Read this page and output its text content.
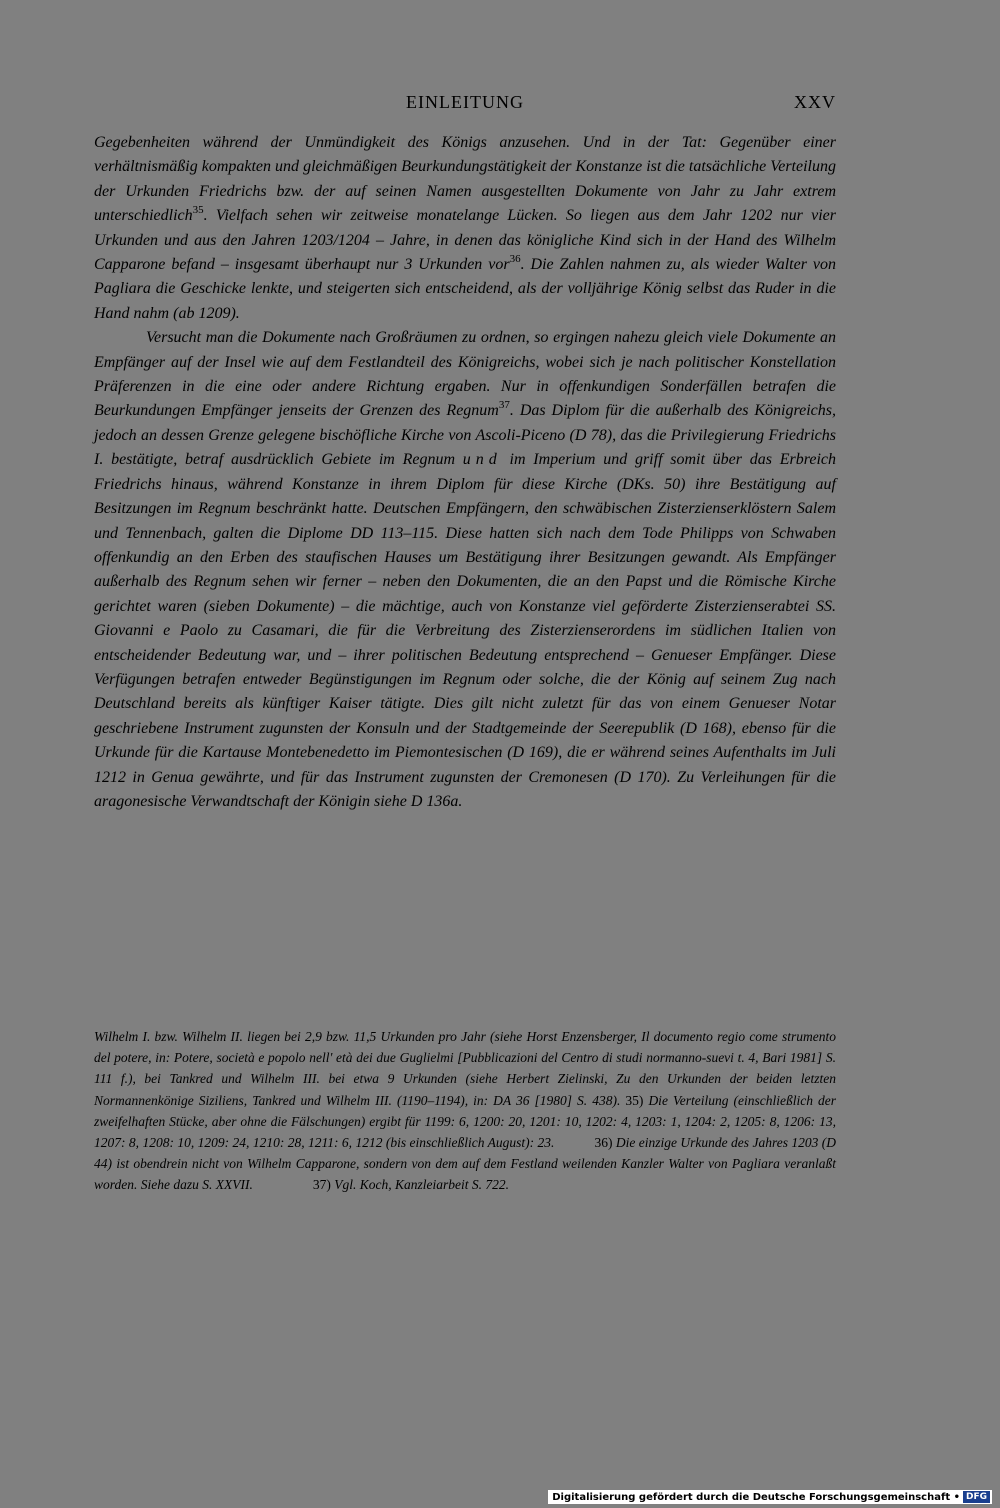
EINLEITUNG	XXV

Gegebenheiten während der Unmündigkeit des Königs anzusehen. Und in der Tat: Gegenüber einer verhältnismäßig kompakten und gleichmäßigen Beurkundungstätigkeit der Konstanze ist die tatsächliche Verteilung der Urkunden Friedrichs bzw. der auf seinen Namen ausgestellten Dokumente von Jahr zu Jahr extrem unterschiedlich$^{35}$. Vielfach sehen wir zeitweise monatelange Lücken. So liegen aus dem Jahr 1202 nur vier Urkunden und aus den Jahren 1203/1204 – Jahre, in denen das königliche Kind sich in der Hand des Wilhelm Capparone befand – insgesamt überhaupt nur 3 Urkunden vor$^{36}$. Die Zahlen nahmen zu, als wieder Walter von Pagliara die Geschicke lenkte, und steigerten sich entscheidend, als der volljährige König selbst das Ruder in die Hand nahm (ab 1209).

Versucht man die Dokumente nach Großräumen zu ordnen, so ergingen nahezu gleich viele Dokumente an Empfänger auf der Insel wie auf dem Festlandteil des Königreichs, wobei sich je nach politischer Konstellation Präferenzen in die eine oder andere Richtung ergaben. Nur in offenkundigen Sonderfällen betrafen die Beurkundungen Empfänger jenseits der Grenzen des Regnum$^{37}$. Das Diplom für die außerhalb des Königreichs, jedoch an dessen Grenze gelegene bischöfliche Kirche von Ascoli-Piceno (D 78), das die Privilegierung Friedrichs I. bestätigte, betraf ausdrücklich Gebiete im Regnum und im Imperium und griff somit über das Erbreich Friedrichs hinaus, während Konstanze in ihrem Diplom für diese Kirche (DKs. 50) ihre Bestätigung auf Besitzungen im Regnum beschränkt hatte. Deutschen Empfängern, den schwäbischen Zisterzienserklöstern Salem und Tennenbach, galten die Diplome DD 113–115. Diese hatten sich nach dem Tode Philipps von Schwaben offenkundig an den Erben des staufischen Hauses um Bestätigung ihrer Besitzungen gewandt. Als Empfänger außerhalb des Regnum sehen wir ferner – neben den Dokumenten, die an den Papst und die Römische Kirche gerichtet waren (sieben Dokumente) – die mächtige, auch von Konstanze viel geförderte Zisterzienserabtei SS. Giovanni e Paolo zu Casamari, die für die Verbreitung des Zisterzienserordens im südlichen Italien von entscheidender Bedeutung war, und – ihrer politischen Bedeutung entsprechend – Genueser Empfänger. Diese Verfügungen betrafen entweder Begünstigungen im Regnum oder solche, die der König auf seinem Zug nach Deutschland bereits als künftiger Kaiser tätigte. Dies gilt nicht zuletzt für das von einem Genueser Notar geschriebene Instrument zugunsten der Konsuln und der Stadtgemeinde der Seerepublik (D 168), ebenso für die Urkunde für die Kartause Montebenedetto im Piemontesischen (D 169), die er während seines Aufenthalts im Juli 1212 in Genua gewährte, und für das Instrument zugunsten der Cremonesen (D 170). Zu Verleihungen für die aragonesische Verwandtschaft der Königin siehe D 136a.

Wilhelm I. bzw. Wilhelm II. liegen bei 2,9 bzw. 11,5 Urkunden pro Jahr (siehe Horst Enzensberger, Il documento regio come strumento del potere, in: Potere, società e popolo nell' età dei due Guglielmi [Pubblicazioni del Centro di studi normanno-suevi t. 4, Bari 1981] S. 111 f.), bei Tankred und Wilhelm III. bei etwa 9 Urkunden (siehe Herbert Zielinski, Zu den Urkunden der beiden letzten Normannenkönige Siziliens, Tankred und Wilhelm III. (1190–1194), in: DA 36 [1980] S. 438). 35) Die Verteilung (einschließlich der zweifelhaften Stücke, aber ohne die Fälschungen) ergibt für 1199: 6, 1200: 20, 1201: 10, 1202: 4, 1203: 1, 1204: 2, 1205: 8, 1206: 13, 1207: 8, 1208: 10, 1209: 24, 1210: 28, 1211: 6, 1212 (bis einschließlich August): 23.	36) Die einzige Urkunde des Jahres 1203 (D 44) ist obendrein nicht von Wilhelm Capparone, sondern von dem auf dem Festland weilenden Kanzler Walter von Pagliara veranlaßt worden. Siehe dazu S. XXVII.	37) Vgl. Koch, Kanzleiarbeit S. 722.

Digitalisierung gefördert durch die Deutsche Forschungsgemeinschaft • DFG
